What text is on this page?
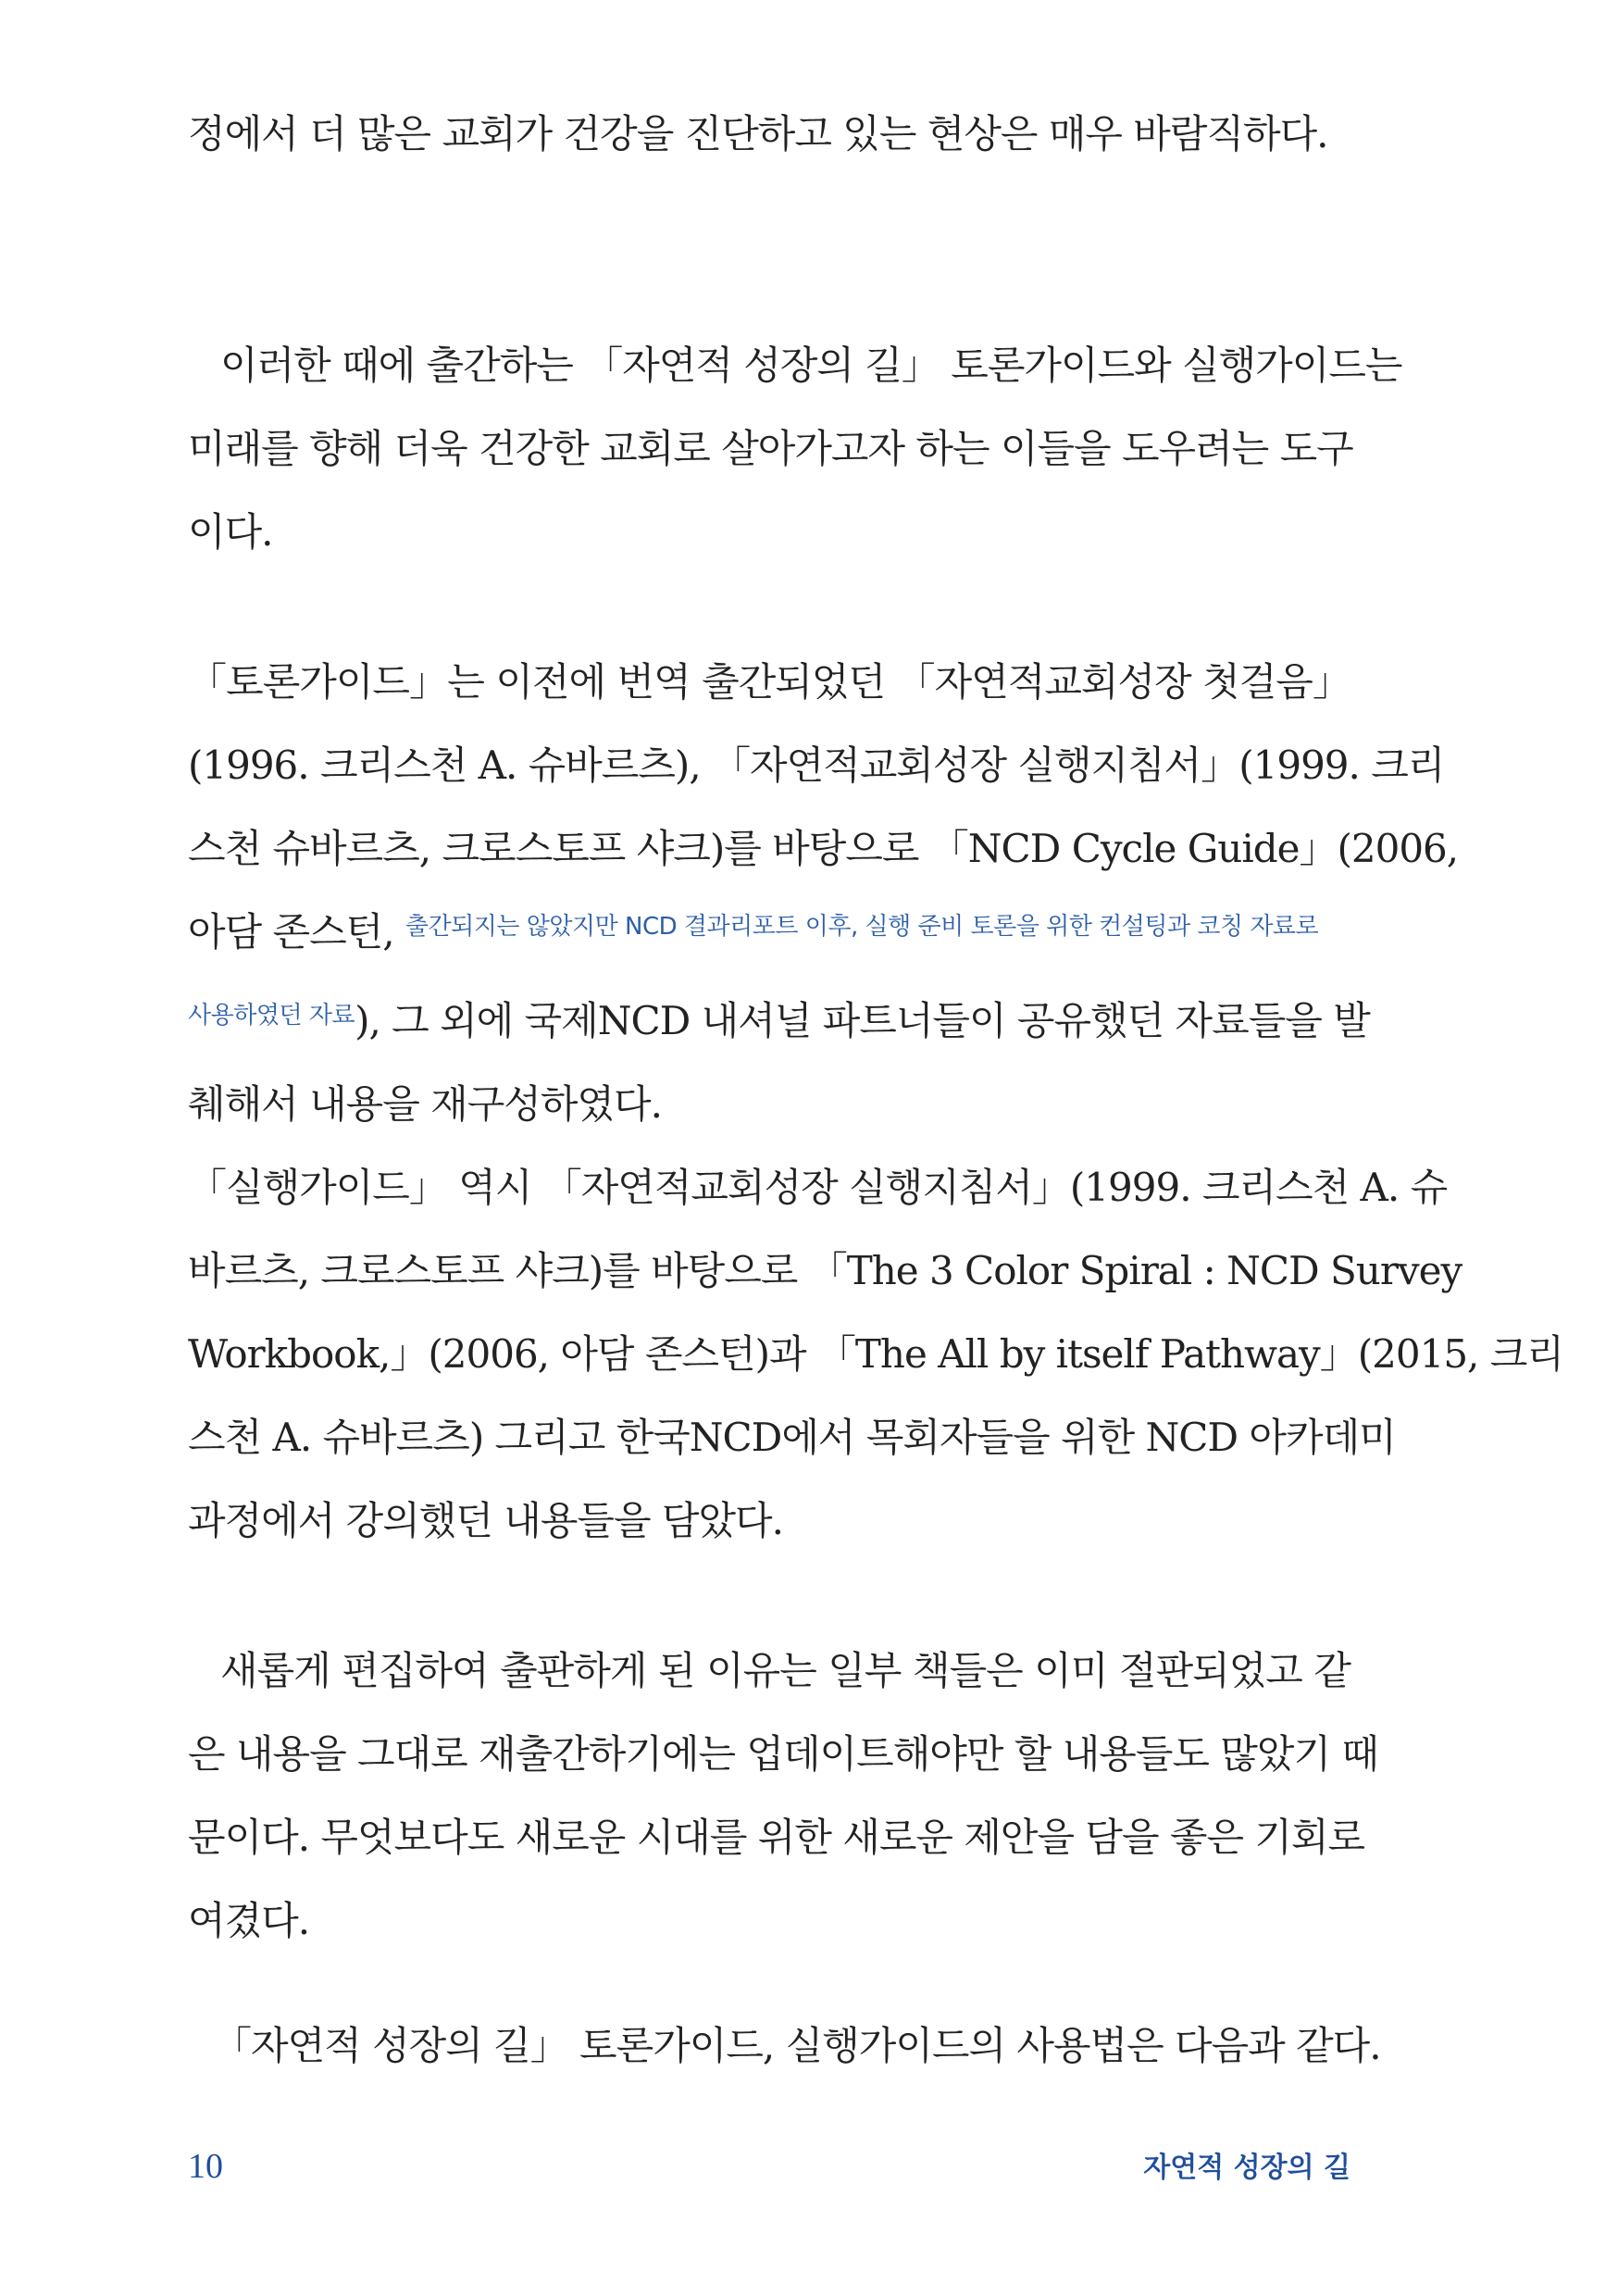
정에서 더 많은 교회가 건강을 진단하고 있는 현상은 매우 바람직하다.
이러한 때에 출간하는 「자연적 성장의 길」 토론가이드와 실행가이드는
미래를 향해 더욱 건강한 교회로 살아가고자 하는 이들을 도우려는 도구
이다.
「토론가이드」는 이전에 번역 출간되었던 「자연적교회성장 첫걸음」
(1996. 크리스천 A. 슈바르츠), 「자연적교회성장 실행지침서」(1999. 크리
스천 슈바르츠, 크로스토프 샤크)를 바탕으로 「NCD Cycle Guide」(2006,
아담 존스턴, $^{출간되지는 않았지만 NCD 결과리포트 이후, 실행 준비 토론을 위한 컨설팅과 코칭 자료로}$
$^{사용하였던 자료}$), 그 외에 국제NCD 내셔널 파트너들이 공유했던 자료들을 발
췌해서 내용을 재구성하였다.
「실행가이드」 역시 「자연적교회성장 실행지침서」(1999. 크리스천 A. 슈
바르츠, 크로스토프 샤크)를 바탕으로 「The 3 Color Spiral : NCD Survey
Workbook,」(2006, 아담 존스턴)과 「The All by itself Pathway」(2015, 크리
스천 A. 슈바르츠) 그리고 한국NCD에서 목회자들을 위한 NCD 아카데미
과정에서 강의했던 내용들을 담았다.
새롭게 편집하여 출판하게 된 이유는 일부 책들은 이미 절판되었고 같
은 내용을 그대로 재출간하기에는 업데이트해야만 할 내용들도 많았기 때
문이다. 무엇보다도 새로운 시대를 위한 새로운 제안을 담을 좋은 기회로
여겼다.
「자연적 성장의 길」 토론가이드, 실행가이드의 사용법은 다음과 같다.
10	자연적 성장의 길
